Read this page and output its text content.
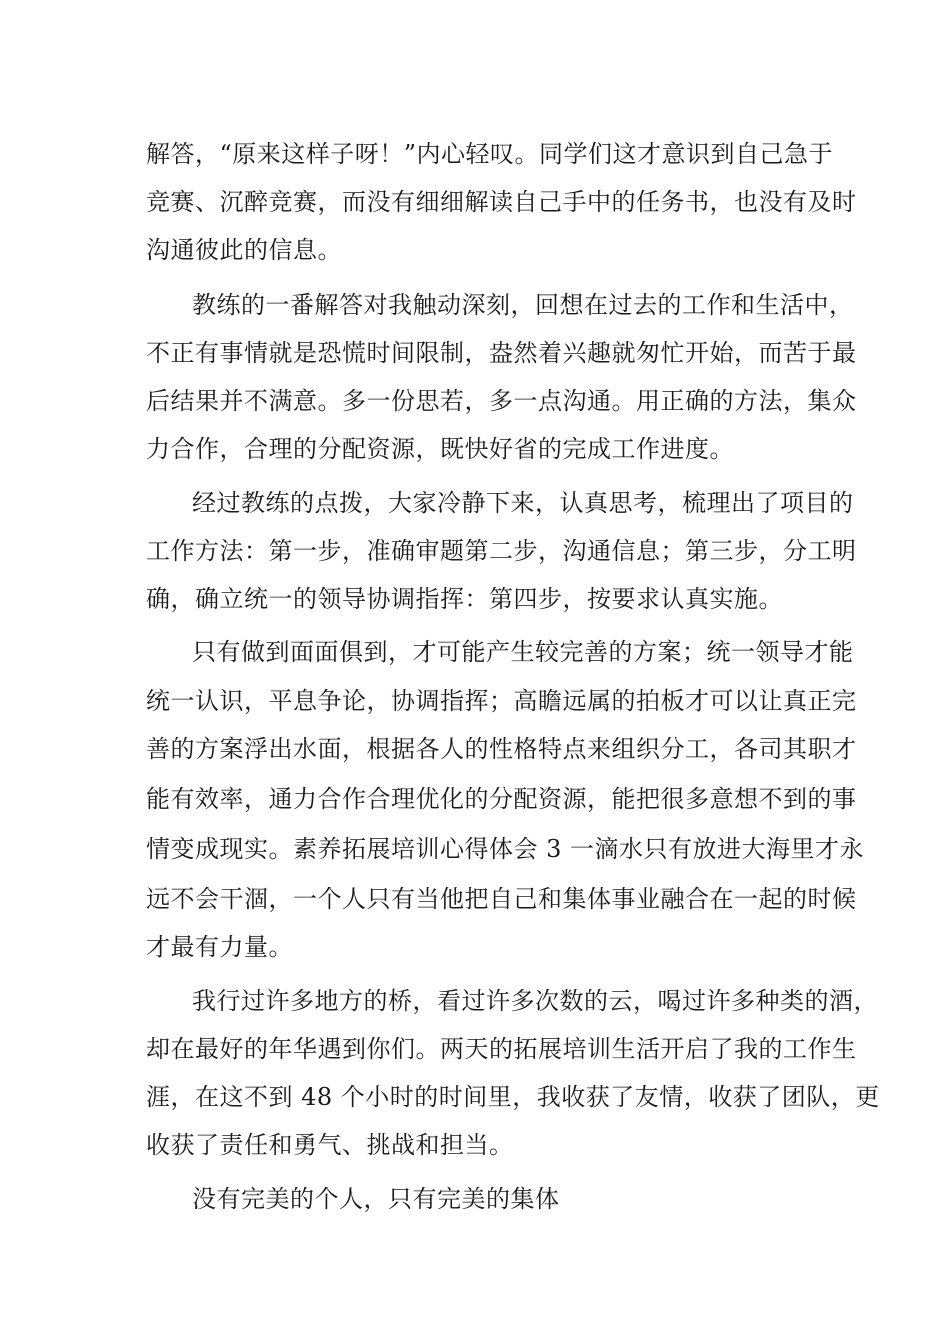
解答，“原来这样子呀！”内心轻叹。同学们这才意识到自己急于
竞赛、沉醉竞赛，而没有细细解读自己手中的任务书，也没有及时
沟通彼此的信息。
教练的一番解答对我触动深刻，回想在过去的工作和生活中，
不正有事情就是恐慌时间限制，盎然着兴趣就匆忙开始，而苦于最
后结果并不满意。多一份思若，多一点沟通。用正确的方法，集众
力合作，合理的分配资源，既快好省的完成工作进度。
经过教练的点拨，大家冷静下来，认真思考，梳理出了项目的
工作方法：第一步，准确审题第二步，沟通信息；第三步，分工明
确，确立统一的领导协调指挥：第四步，按要求认真实施。
只有做到面面俱到，才可能产生较完善的方案；统一领导才能
统一认识，平息争论，协调指挥；高瞻远属的拍板才可以让真正完
善的方案浮出水面，根据各人的性格特点来组织分工，各司其职才
能有效率，通力合作合理优化的分配资源，能把很多意想不到的事
情变成现实。素养拓展培训心得体会 3 一滴水只有放进大海里才永
远不会干涸，一个人只有当他把自己和集体事业融合在一起的时候
才最有力量。
我行过许多地方的桥，看过许多次数的云，喝过许多种类的酒，
却在最好的年华遇到你们。两天的拓展培训生活开启了我的工作生
涯，在这不到 48 个小时的时间里，我收获了友情，收获了团队，更
收获了责任和勇气、挑战和担当。
没有完美的个人，只有完美的集体
